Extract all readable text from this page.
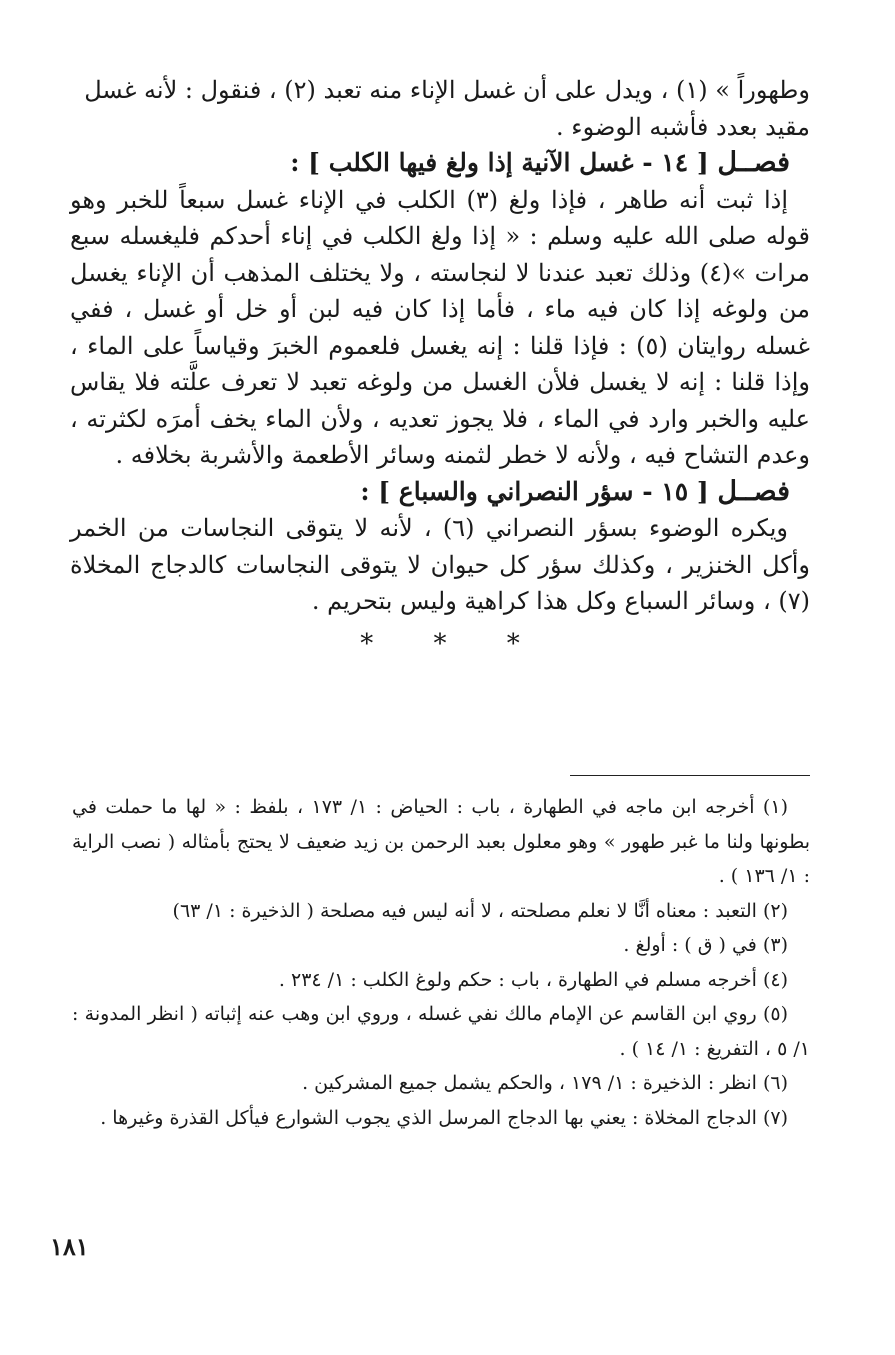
وطهوراً » (١) ، ويدل على أن غسل الإناء منه تعبد (٢) ، فنقول : لأنه غسل

مقيد بعدد فأشبه الوضوء .

فصــل [ ١٤ - غسل الآنية إذا ولغ فيها الكلب ] :

إذا ثبت أنه طاهر ، فإذا ولغ (٣) الكلب في الإناء غسل سبعاً للخبر وهو قوله صلى الله عليه وسلم : « إذا ولغ الكلب في إناء أحدكم فليغسله سبع مرات »(٤) وذلك تعبد عندنا لا لنجاسته ، ولا يختلف المذهب أن الإناء يغسل من ولوغه إذا كان فيه ماء ، فأما إذا كان فيه لبن أو خل أو غسل ، ففي غسله روايتان (٥) : فإذا قلنا : إنه يغسل فلعموم الخبرَ وقياساً على الماء ، وإذا قلنا : إنه لا يغسل فلأن الغسل من ولوغه تعبد لا تعرف علَّته فلا يقاس عليه والخبر وارد في الماء ، فلا يجوز تعديه ، ولأن الماء يخف أمرَه لكثرته ، وعدم التشاح فيه ، ولأنه لا خطر لثمنه وسائر الأطعمة والأشربة بخلافه .

فصــل [ ١٥ - سؤر النصراني والسباع ] :

ويكره الوضوء بسؤر النصراني (٦) ، لأنه لا يتوقى النجاسات من الخمر وأكل الخنزير ، وكذلك سؤر كل حيوان لا يتوقى النجاسات كالدجاج المخلاة (٧) ، وسائر السباع وكل هذا كراهية وليس بتحريم .

* * *

(١) أخرجه ابن ماجه في الطهارة ، باب : الحياض : ١/ ١٧٣ ، بلفظ : « لها ما حملت في بطونها ولنا ما غبر طهور » وهو معلول بعبد الرحمن بن زيد ضعيف لا يحتج بأمثاله ( نصب الراية : ١/ ١٣٦ ) .

(٢) التعبد : معناه أنَّا لا نعلم مصلحته ، لا أنه ليس فيه مصلحة ( الذخيرة : ١/ ٦٣)

(٣) في ( ق ) : أولغ .

(٤) أخرجه مسلم في الطهارة ، باب : حكم ولوغ الكلب : ١/ ٢٣٤ .

(٥) روي ابن القاسم عن الإمام مالك نفي غسله ، وروي ابن وهب عنه إثباته ( انظر المدونة : ١/ ٥ ، التفريغ : ١/ ١٤ ) .

(٦) انظر : الذخيرة : ١/ ١٧٩ ، والحكم يشمل جميع المشركين .

(٧) الدجاج المخلاة : يعني بها الدجاج المرسل الذي يجوب الشوارع فيأكل القذرة وغيرها .

١٨١
